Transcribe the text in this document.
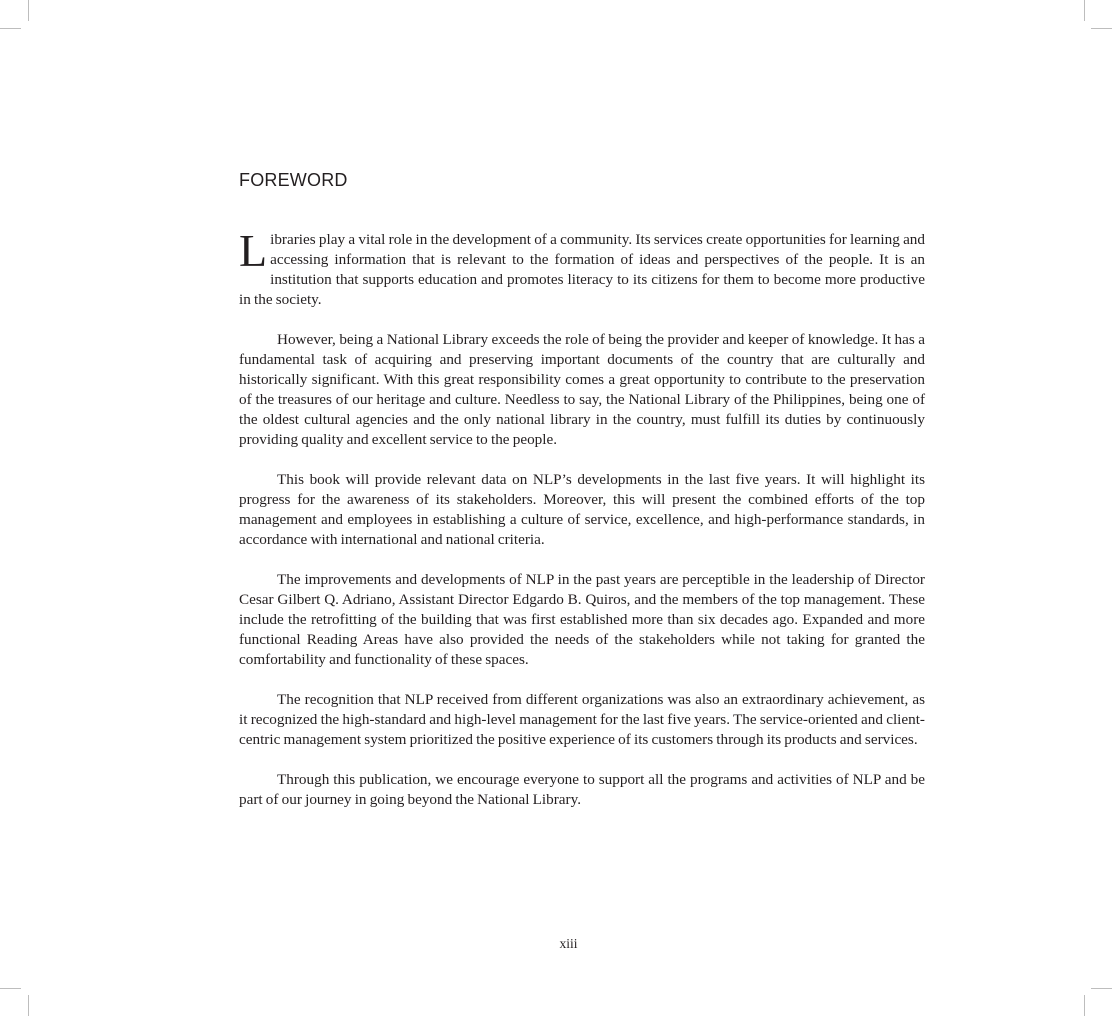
FOREWORD

Libraries play a vital role in the development of a community. Its services create opportunities for learning and accessing information that is relevant to the formation of ideas and perspectives of the people. It is an institution that supports education and promotes literacy to its citizens for them to become more productive in the society.

However, being a National Library exceeds the role of being the provider and keeper of knowledge. It has a fundamental task of acquiring and preserving important documents of the country that are culturally and historically significant. With this great responsibility comes a great opportunity to contribute to the preservation of the treasures of our heritage and culture. Needless to say, the National Library of the Philippines, being one of the oldest cultural agencies and the only national library in the country, must fulfill its duties by continuously providing quality and excellent service to the people.

This book will provide relevant data on NLP’s developments in the last five years. It will highlight its progress for the awareness of its stakeholders. Moreover, this will present the combined efforts of the top management and employees in establishing a culture of service, excellence, and high-performance standards, in accordance with international and national criteria.

The improvements and developments of NLP in the past years are perceptible in the leadership of Director Cesar Gilbert Q. Adriano, Assistant Director Edgardo B. Quiros, and the members of the top management. These include the retrofitting of the building that was first established more than six decades ago. Expanded and more functional Reading Areas have also provided the needs of the stakeholders while not taking for granted the comfortability and functionality of these spaces.

The recognition that NLP received from different organizations was also an extraordinary achievement, as it recognized the high-standard and high-level management for the last five years. The service-oriented and client-centric management system prioritized the positive experience of its customers through its products and services.

Through this publication, we encourage everyone to support all the programs and activities of NLP and be part of our journey in going beyond the National Library.

xiii
